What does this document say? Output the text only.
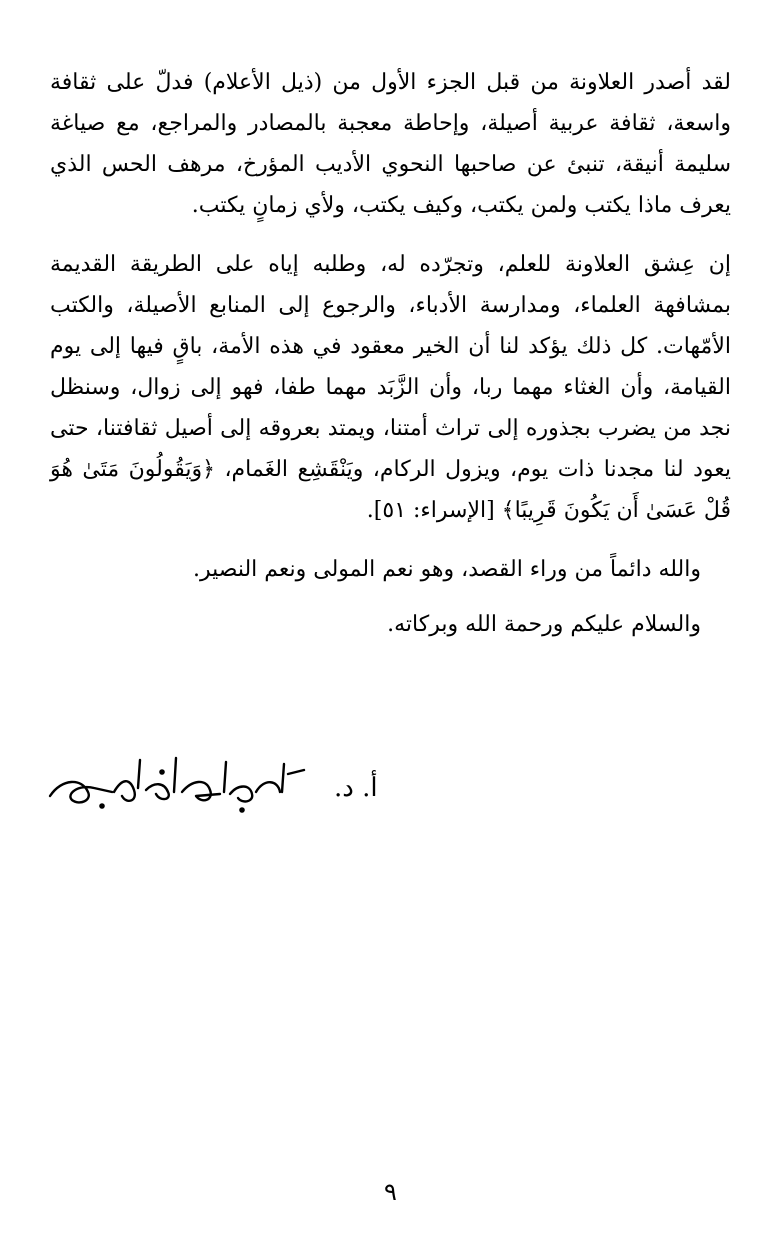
لقد أصدر العلاونة من قبل الجزء الأول من (ذيل الأعلام) فدلّ على ثقافة واسعة، ثقافة عربية أصيلة، وإحاطة معجبة بالمصادر والمراجع، مع صياغة سليمة أنيقة، تنبئ عن صاحبها النحوي الأديب المؤرخ، مرهف الحس الذي يعرف ماذا يكتب ولمن يكتب، وكيف يكتب، ولأي زمانٍ يكتب.

إن عِشق العلاونة للعلم، وتجرّده له، وطلبه إياه على الطريقة القديمة بمشافهة العلماء، ومدارسة الأدباء، والرجوع إلى المنابع الأصيلة، والكتب الأمّهات. كل ذلك يؤكد لنا أن الخير معقود في هذه الأمة، باقٍ فيها إلى يوم القيامة، وأن الغثاء مهما ربا، وأن الزَّبَد مهما طفا، فهو إلى زوال، وسنظل نجد من يضرب بجذوره إلى تراث أمتنا، ويمتد بعروقه إلى أصيل ثقافتنا، حتى يعود لنا مجدنا ذات يوم، ويزول الركام، ويَنْقَشِع الغَمام، ﴿وَيَقُولُونَ مَتَىٰ هُوَ قُلْ عَسَىٰ أَن يَكُونَ قَرِيبًا﴾ [الإسراء: ٥١].

والله دائماً من وراء القصد، وهو نعم المولى ونعم النصير.

والسلام عليكم ورحمة الله وبركاته.

أ. د.
٩
